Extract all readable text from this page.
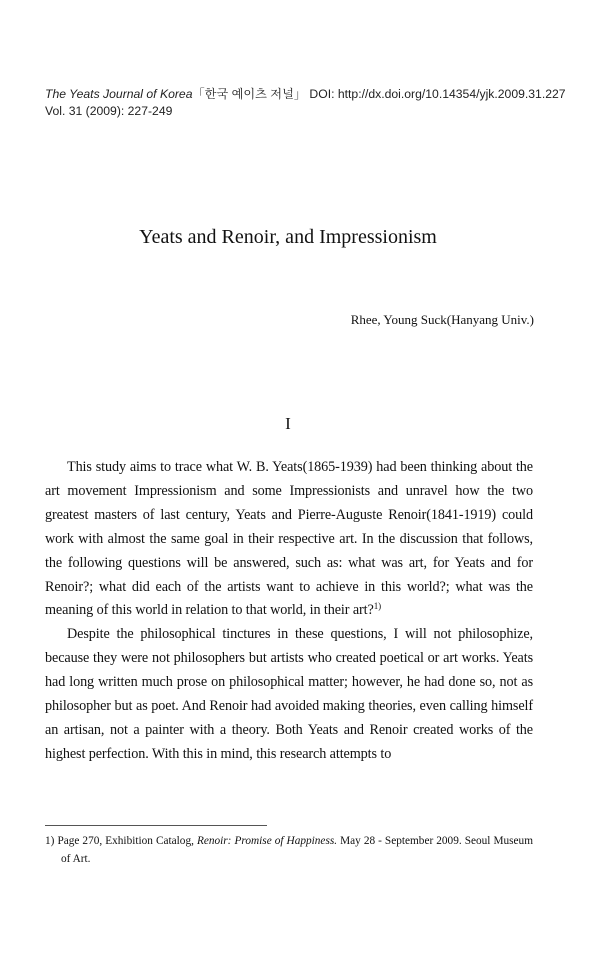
The Yeats Journal of Korea「한국 예이츠 저널」 DOI: http://dx.doi.org/10.14354/yjk.2009.31.227
Vol. 31 (2009): 227-249
Yeats and Renoir, and Impressionism
Rhee, Young Suck(Hanyang Univ.)
I

This study aims to trace what W. B. Yeats(1865-1939) had been thinking about the art movement Impressionism and some Impressionists and unravel how the two greatest masters of last century, Yeats and Pierre-Auguste Renoir(1841-1919) could work with almost the same goal in their respective art. In the discussion that follows, the following questions will be answered, such as: what was art, for Yeats and for Renoir?; what did each of the artists want to achieve in this world?; what was the meaning of this world in relation to that world, in their art?$^{1)}$

Despite the philosophical tinctures in these questions, I will not philosophize, because they were not philosophers but artists who created poetical or art works. Yeats had long written much prose on philosophical matter; however, he had done so, not as philosopher but as poet. And Renoir had avoided making theories, even calling himself an artisan, not a painter with a theory. Both Yeats and Renoir created works of the highest perfection. With this in mind, this research attempts to

1) Page 270, Exhibition Catalog, Renoir: Promise of Happiness. May 28 - September 2009. Seoul Museum of Art.
